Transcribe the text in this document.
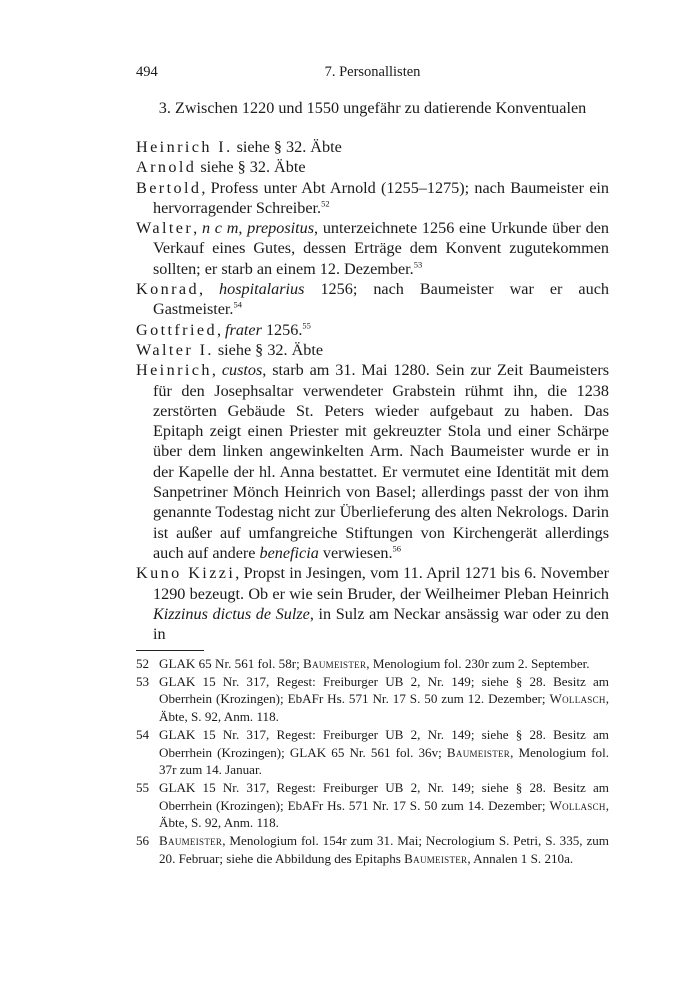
494	7. Personallisten
3. Zwischen 1220 und 1550 ungefähr zu datierende Konventualen
Heinrich I. siehe § 32. Äbte
Arnold siehe § 32. Äbte
Bertold, Profess unter Abt Arnold (1255–1275); nach Baumeister ein hervorragender Schreiber.$^{52}$
Walter, n c m, prepositus, unterzeichnete 1256 eine Urkunde über den Verkauf eines Gutes, dessen Erträge dem Konvent zugutekommen sollten; er starb an einem 12. Dezember.$^{53}$
Konrad, hospitalarius 1256; nach Baumeister war er auch Gastmeister.$^{54}$
Gottfried, frater 1256.55
Walter I. siehe § 32. Äbte
Heinrich, custos, starb am 31. Mai 1280. Sein zur Zeit Baumeisters für den Josephsaltar verwendeter Grabstein rühmt ihn, die 1238 zerstörten Gebäude St. Peters wieder aufgebaut zu haben. Das Epitaph zeigt einen Priester mit gekreuzter Stola und einer Schärpe über dem linken angewinkelten Arm. Nach Baumeister wurde er in der Kapelle der hl. Anna bestattet. Er vermutet eine Identität mit dem Sanpetriner Mönch Heinrich von Basel; allerdings passt der von ihm genannte Todestag nicht zur Überlieferung des alten Nekrologs. Darin ist außer auf umfangreiche Stiftungen von Kirchengerät allerdings auch auf andere beneficia verwiesen.$^{56}$
Kuno Kizzi, Propst in Jesingen, vom 11. April 1271 bis 6. November 1290 bezeugt. Ob er wie sein Bruder, der Weilheimer Pleban Heinrich Kizzinus dictus de Sulze, in Sulz am Neckar ansässig war oder zu den in
52 GLAK 65 Nr. 561 fol. 58r; Baumeister, Menologium fol. 230r zum 2. September.
53 GLAK 15 Nr. 317, Regest: Freiburger UB 2, Nr. 149; siehe § 28. Besitz am Oberrhein (Krozingen); EbAFr Hs. 571 Nr. 17 S. 50 zum 12. Dezember; Wollasch, Äbte, S. 92, Anm. 118.
54 GLAK 15 Nr. 317, Regest: Freiburger UB 2, Nr. 149; siehe § 28. Besitz am Oberrhein (Krozingen); GLAK 65 Nr. 561 fol. 36v; Baumeister, Menologium fol. 37r zum 14. Januar.
55 GLAK 15 Nr. 317, Regest: Freiburger UB 2, Nr. 149; siehe § 28. Besitz am Oberrhein (Krozingen); EbAFr Hs. 571 Nr. 17 S. 50 zum 14. Dezember; Wollasch, Äbte, S. 92, Anm. 118.
56 Baumeister, Menologium fol. 154r zum 31. Mai; Necrologium S. Petri, S. 335, zum 20. Februar; siehe die Abbildung des Epitaphs Baumeister, Annalen 1 S. 210a.
